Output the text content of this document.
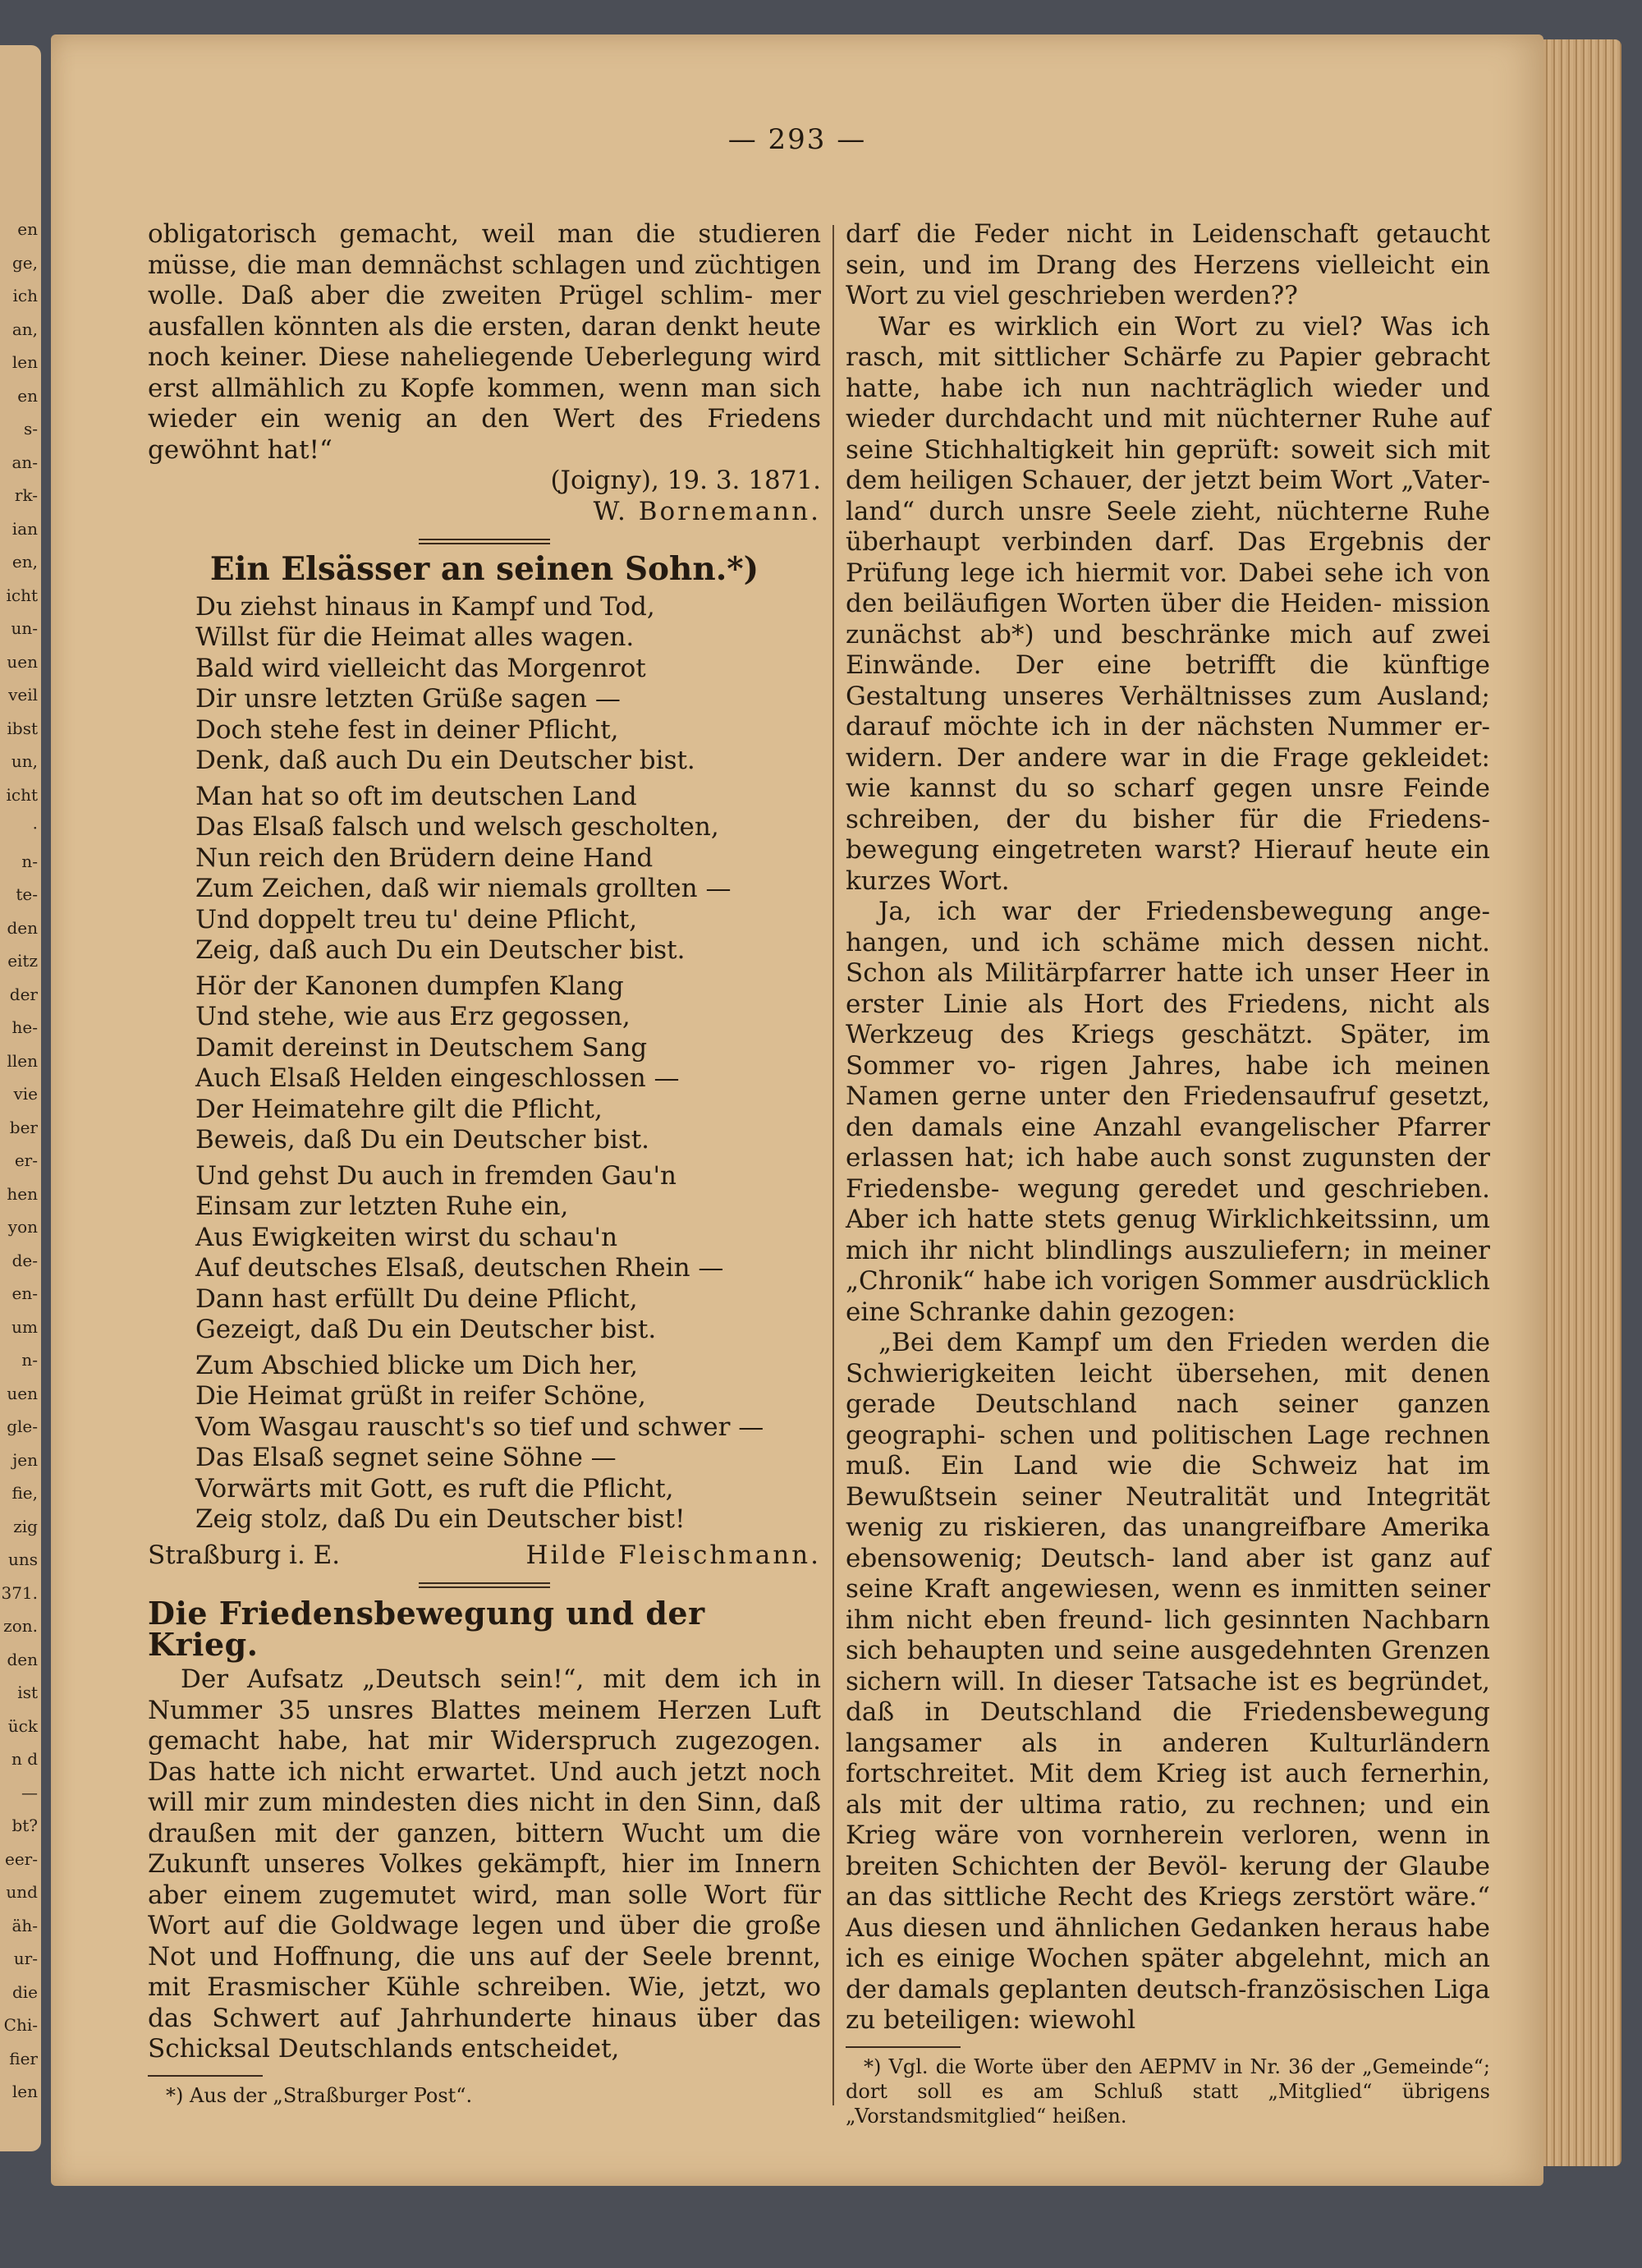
en
ge,
ich
an,
len
en
s-
an-
rk-
ian
en,
icht
un-
uen
veil
ibst
un,
icht
·
n-
te-
den
eitz
der
he-
llen
vie
ber
er-
hen
yon
de-
en-
um
n-
uen
gle-
jen
fie,
zig
uns
371.
zon.
den
ist
ück
n d
—
bt?
eer-
und
äh-
ur-
die
Chi-
fier
len
— 293 —

obligatorisch gemacht, weil man die studieren müsse, die man demnächst schlagen und züchtigen wolle. Daß aber die zweiten Prügel schlim- mer ausfallen könnten als die ersten, daran denkt heute noch keiner. Diese naheliegende Ueberlegung wird erst allmählich zu Kopfe kommen, wenn man sich wieder ein wenig an den Wert des Friedens gewöhnt hat!“

(Joigny), 19. 3. 1871.

W. Bornemann.

Ein Elsässer an seinen Sohn.*)
Du ziehst hinaus in Kampf und Tod,
Willst für die Heimat alles wagen.
Bald wird vielleicht das Morgenrot
Dir unsre letzten Grüße sagen —
Doch stehe fest in deiner Pflicht,
Denk, daß auch Du ein Deutscher bist.
Man hat so oft im deutschen Land
Das Elsaß falsch und welsch gescholten,
Nun reich den Brüdern deine Hand
Zum Zeichen, daß wir niemals grollten —
Und doppelt treu tu' deine Pflicht,
Zeig, daß auch Du ein Deutscher bist.
Hör der Kanonen dumpfen Klang
Und stehe, wie aus Erz gegossen,
Damit dereinst in Deutschem Sang
Auch Elsaß Helden eingeschlossen —
Der Heimatehre gilt die Pflicht,
Beweis, daß Du ein Deutscher bist.
Und gehst Du auch in fremden Gau'n
Einsam zur letzten Ruhe ein,
Aus Ewigkeiten wirst du schau'n
Auf deutsches Elsaß, deutschen Rhein —
Dann hast erfüllt Du deine Pflicht,
Gezeigt, daß Du ein Deutscher bist.
Zum Abschied blicke um Dich her,
Die Heimat grüßt in reifer Schöne,
Vom Wasgau rauscht's so tief und schwer —
Das Elsaß segnet seine Söhne —
Vorwärts mit Gott, es ruft die Pflicht,
Zeig stolz, daß Du ein Deutscher bist!
Straßburg i. E.	Hilde Fleischmann.
Die Friedensbewegung und der Krieg.

Der Aufsatz „Deutsch sein!“, mit dem ich in Nummer 35 unsres Blattes meinem Herzen Luft gemacht habe, hat mir Widerspruch zugezogen. Das hatte ich nicht erwartet. Und auch jetzt noch will mir zum mindesten dies nicht in den Sinn, daß draußen mit der ganzen, bittern Wucht um die Zukunft unseres Volkes gekämpft, hier im Innern aber einem zugemutet wird, man solle Wort für Wort auf die Goldwage legen und über die große Not und Hoffnung, die uns auf der Seele brennt, mit Erasmischer Kühle schreiben. Wie, jetzt, wo das Schwert auf Jahrhunderte hinaus über das Schicksal Deutschlands entscheidet,

*) Aus der „Straßburger Post“.

darf die Feder nicht in Leidenschaft getaucht sein, und im Drang des Herzens vielleicht ein Wort zu viel geschrieben werden??

War es wirklich ein Wort zu viel? Was ich rasch, mit sittlicher Schärfe zu Papier gebracht hatte, habe ich nun nachträglich wieder und wieder durchdacht und mit nüchterner Ruhe auf seine Stichhaltigkeit hin geprüft: soweit sich mit dem heiligen Schauer, der jetzt beim Wort „Vater- land“ durch unsre Seele zieht, nüchterne Ruhe überhaupt verbinden darf. Das Ergebnis der Prüfung lege ich hiermit vor. Dabei sehe ich von den beiläufigen Worten über die Heiden- mission zunächst ab*) und beschränke mich auf zwei Einwände. Der eine betrifft die künftige Gestaltung unseres Verhältnisses zum Ausland; darauf möchte ich in der nächsten Nummer er- widern. Der andere war in die Frage gekleidet: wie kannst du so scharf gegen unsre Feinde schreiben, der du bisher für die Friedens- bewegung eingetreten warst? Hierauf heute ein kurzes Wort.

Ja, ich war der Friedensbewegung ange- hangen, und ich schäme mich dessen nicht. Schon als Militärpfarrer hatte ich unser Heer in erster Linie als Hort des Friedens, nicht als Werkzeug des Kriegs geschätzt. Später, im Sommer vo- rigen Jahres, habe ich meinen Namen gerne unter den Friedensaufruf gesetzt, den damals eine Anzahl evangelischer Pfarrer erlassen hat; ich habe auch sonst zugunsten der Friedensbe- wegung geredet und geschrieben. Aber ich hatte stets genug Wirklichkeitssinn, um mich ihr nicht blindlings auszuliefern; in meiner „Chronik“ habe ich vorigen Sommer ausdrücklich eine Schranke dahin gezogen:

„Bei dem Kampf um den Frieden werden die Schwierigkeiten leicht übersehen, mit denen gerade Deutschland nach seiner ganzen geographi- schen und politischen Lage rechnen muß. Ein Land wie die Schweiz hat im Bewußtsein seiner Neutralität und Integrität wenig zu riskieren, das unangreifbare Amerika ebensowenig; Deutsch- land aber ist ganz auf seine Kraft angewiesen, wenn es inmitten seiner ihm nicht eben freund- lich gesinnten Nachbarn sich behaupten und seine ausgedehnten Grenzen sichern will. In dieser Tatsache ist es begründet, daß in Deutschland die Friedensbewegung langsamer als in anderen Kulturländern fortschreitet. Mit dem Krieg ist auch fernerhin, als mit der ultima ratio, zu rechnen; und ein Krieg wäre von vornherein verloren, wenn in breiten Schichten der Bevöl- kerung der Glaube an das sittliche Recht des Kriegs zerstört wäre.“ Aus diesen und ähnlichen Gedanken heraus habe ich es einige Wochen später abgelehnt, mich an der damals geplanten deutsch-französischen Liga zu beteiligen: wiewohl

*) Vgl. die Worte über den AEPMV in Nr. 36 der „Gemeinde“; dort soll es am Schluß statt „Mitglied“ übrigens „Vorstandsmitglied“ heißen.
